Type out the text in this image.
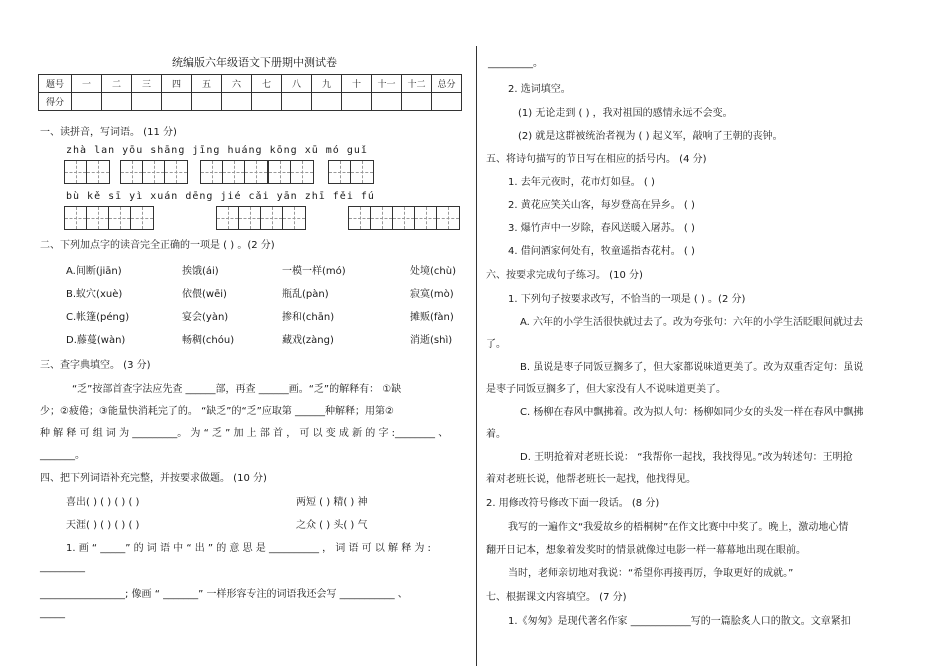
统编版六年级语文下册期中测试卷
题号	一	二	三	四	五	六	七	八	九	十	十一	十二	总分
得分													
一、读拼音，写词语。 (11 分)
zhà lan yōu shāng jīng huáng kōng xū mó guǐ
bù kě sī yì xuán dēng jié cǎi yān zhī fěi fú
二、下列加点字的读音完全正确的一项是 ( ) 。(2 分)
A.间断(jiān)	挨饿(ái)	一模一样(mó)	处境(chù)
B.蚁穴(xuè)	依偎(wēi)	瓶乱(pàn)	寂寞(mò)
C.帐篷(péng)	宴会(yàn)	掺和(chān)	摊贩(fàn)
D.藤蔓(wàn)	畅稠(chóu)	藏戏(zàng)	消逝(shì)
三、查字典填空。 (3 分)
“乏”按部首查字法应先查 ______部，再查 ______画。“乏”的解释有： ①缺
少；②疲倦；③能量快消耗完了的。 “缺乏”的“乏”应取第 ______种解释；用第②
种 解 释 可 组 词 为 _________。 为 “ 乏 ” 加 上 部 首 ， 可 以 变 成 新 的 字 :________ 、
_______。
四、把下列词语补充完整，并按要求做题。 (10 分)
喜出( ) ( ) ( ) ( )	两短 ( ) 精( ) 神
天涯( ) ( ) ( ) ( )	之众 ( ) 头( ) 气
1. 画 “ _____” 的 词 语 中 “ 出 ” 的 意 思 是 __________ ， 词 语 可 以 解 释 为 :
_________
_________________; 像画 “ _______” 一样形容专注的词语我还会写 ___________ 、
_____
_________。
2. 选词填空。
(1) 无论走到 ( ) ，我对祖国的感情永远不会变。
(2) 就是这群被统治者视为 ( ) 起义军，敲响了王朝的丧钟。
五、将诗句描写的节日写在相应的括号内。 (4 分)
1. 去年元夜时，花市灯如昼。 ( )
2. 黄花应笑关山客，每岁登高在异乡。 ( )
3. 爆竹声中一岁除，春风送暖入屠苏。 ( )
4. 借问酒家何处有，牧童遥指杏花村。 ( )
六、按要求完成句子练习。 (10 分)
1. 下列句子按要求改写，不恰当的一项是 ( ) 。(2 分)
A. 六年的小学生活很快就过去了。改为夸张句：六年的小学生活眨眼间就过去
了。
B. 虽说是枣子同饭豆搁多了，但大家都说味道更美了。改为双重否定句：虽说
是枣子同饭豆搁多了，但大家没有人不说味道更美了。
C. 杨柳在春风中飘拂着。改为拟人句：杨柳如同少女的头发一样在春风中飘拂
着。
D. 王明抢着对老班长说： “我帮你一起找，我找得见。”改为转述句：王明抢
着对老班长说，他帮老班长一起找，他找得见。
2. 用修改符号修改下面一段话。 (8 分)
我写的一遍作文“我爱故乡的梧桐树”在作文比赛中中奖了。晚上，激动地心情
翻开日记本，想象着发奖时的情景就像过电影一样一幕幕地出现在眼前。
当时，老师亲切地对我说：“希望你再接再厉，争取更好的成就。”
七、根据课文内容填空。 (7 分)
1.《匆匆》是现代著名作家 ____________写的一篇脍炙人口的散文。文章紧扣
